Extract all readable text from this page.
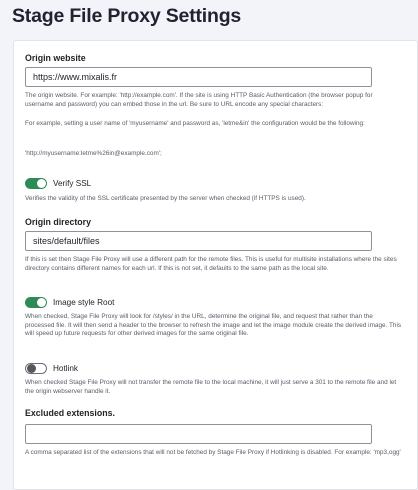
Stage File Proxy Settings
Origin website
https://www.mixalis.fr
The origin website. For example: 'http://example.com'. If the site is using HTTP Basic Authentication (the browser popup for username and password) you can embed those in the url. Be sure to URL encode any special characters:
For example, setting a user name of 'myusername' and password as, 'letme&in' the configuration would be the following:
'http://myusername:letme%26in@example.com';
Verify SSL
Verifies the validity of the SSL certificate presented by the server when checked (if HTTPS is used).
Origin directory
sites/default/files
If this is set then Stage File Proxy will use a different path for the remote files. This is useful for multisite installations where the sites directory contains different names for each url. If this is not set, it defaults to the same path as the local site.
Image style Root
When checked, Stage File Proxy will look for /styles/ in the URL, determine the original file, and request that rather than the processed file. It will then send a header to the browser to refresh the image and let the image module create the derived image. This will speed up future requests for other derived images for the same original file.
Hotlink
When checked Stage File Proxy will not transfer the remote file to the local machine, it will just serve a 301 to the remote file and let the origin webserver handle it.
Excluded extensions.
A comma separated list of the extensions that will not be fetched by Stage File Proxy if Hotlinking is disabled. For example: 'mp3,ogg'
